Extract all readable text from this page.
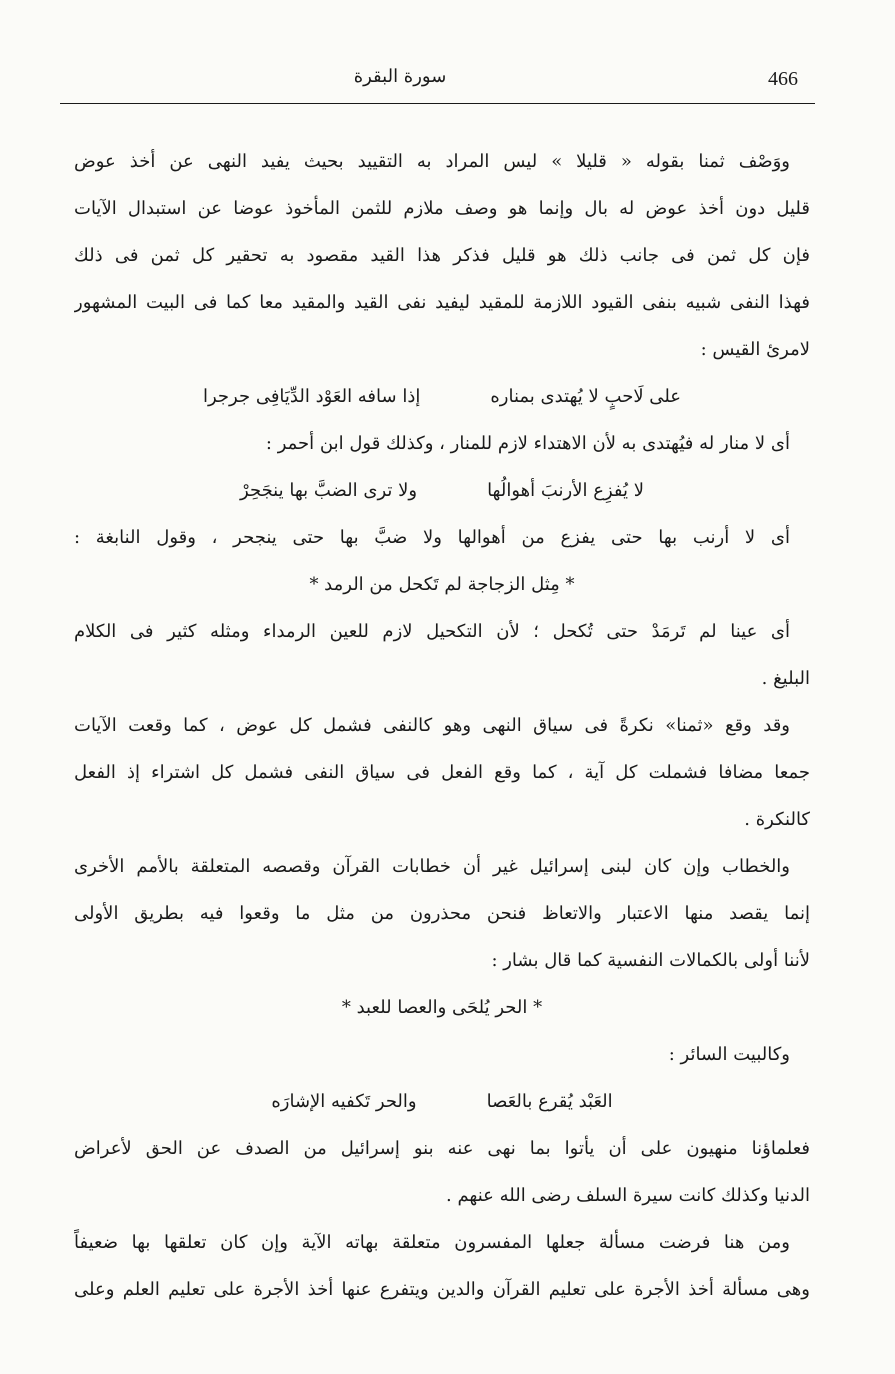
466
سورة البقرة
ووَصْف ثمنا بقوله « قليلا » ليس المراد به التقييد بحيث يفيد النهى عن أخذ عوض
قليل دون أخذ عوض له بال وإنما هو وصف ملازم للثمن المأخوذ عوضا عن استبدال الآيات
فإن كل ثمن فى جانب ذلك هو قليل فذكر هذا القيد مقصود به تحقير كل ثمن فى ذلك
فهذا النفى شبيه بنفى القيود اللازمة للمقيد ليفيد نفى القيد والمقيد معا كما فى البيت المشهور
لامرئ القيس :
على لَاحبٍ لا يُهتدى بمناره
إذا سافه العَوْد الدِّيَافِى جرجرا
أى لا منار له فيُهتدى به لأن الاهتداء لازم للمنار ، وكذلك قول ابن أحمر :
لا يُفزِع الأرنبَ أهوالُها
ولا ترى الضبَّ بها ينجَحِرْ
أى لا أرنب بها حتى يفزع من أهوالها ولا ضبَّ بها حتى ينجحر ، وقول النابغة :
* مِثل الزجاجة لم تَكحل من الرمد *
أى عينا لم تَرمَدْ حتى تُكحل ؛ لأن التكحيل لازم للعين الرمداء ومثله كثير فى الكلام
البليغ .
وقد وقع «ثمنا» نكرةً فى سياق النهى وهو كالنفى فشمل كل عوض ، كما وقعت الآيات
جمعا مضافا فشملت كل آية ، كما وقع الفعل فى سياق النفى فشمل كل اشتراء إذ الفعل
كالنكرة .
والخطاب وإن كان لبنى إسرائيل غير أن خطابات القرآن وقصصه المتعلقة بالأمم الأخرى
إنما يقصد منها الاعتبار والاتعاظ فنحن محذرون من مثل ما وقعوا فيه بطريق الأولى
لأننا أولى بالكمالات النفسية كما قال بشار :
* الحر يُلحَى والعصا للعبد *
وكالبيت السائر :
العَبْد يُقرع بالعَصا
والحر تَكفيه الإشارَه
فعلماؤنا منهيون على أن يأتوا بما نهى عنه بنو إسرائيل من الصدف عن الحق لأعراض
الدنيا وكذلك كانت سيرة السلف رضى الله عنهم .
ومن هنا فرضت مسألة جعلها المفسرون متعلقة بهاته الآية وإن كان تعلقها بها ضعيفاً
وهى مسألة أخذ الأجرة على تعليم القرآن والدين ويتفرع عنها أخذ الأجرة على تعليم العلم وعلى
